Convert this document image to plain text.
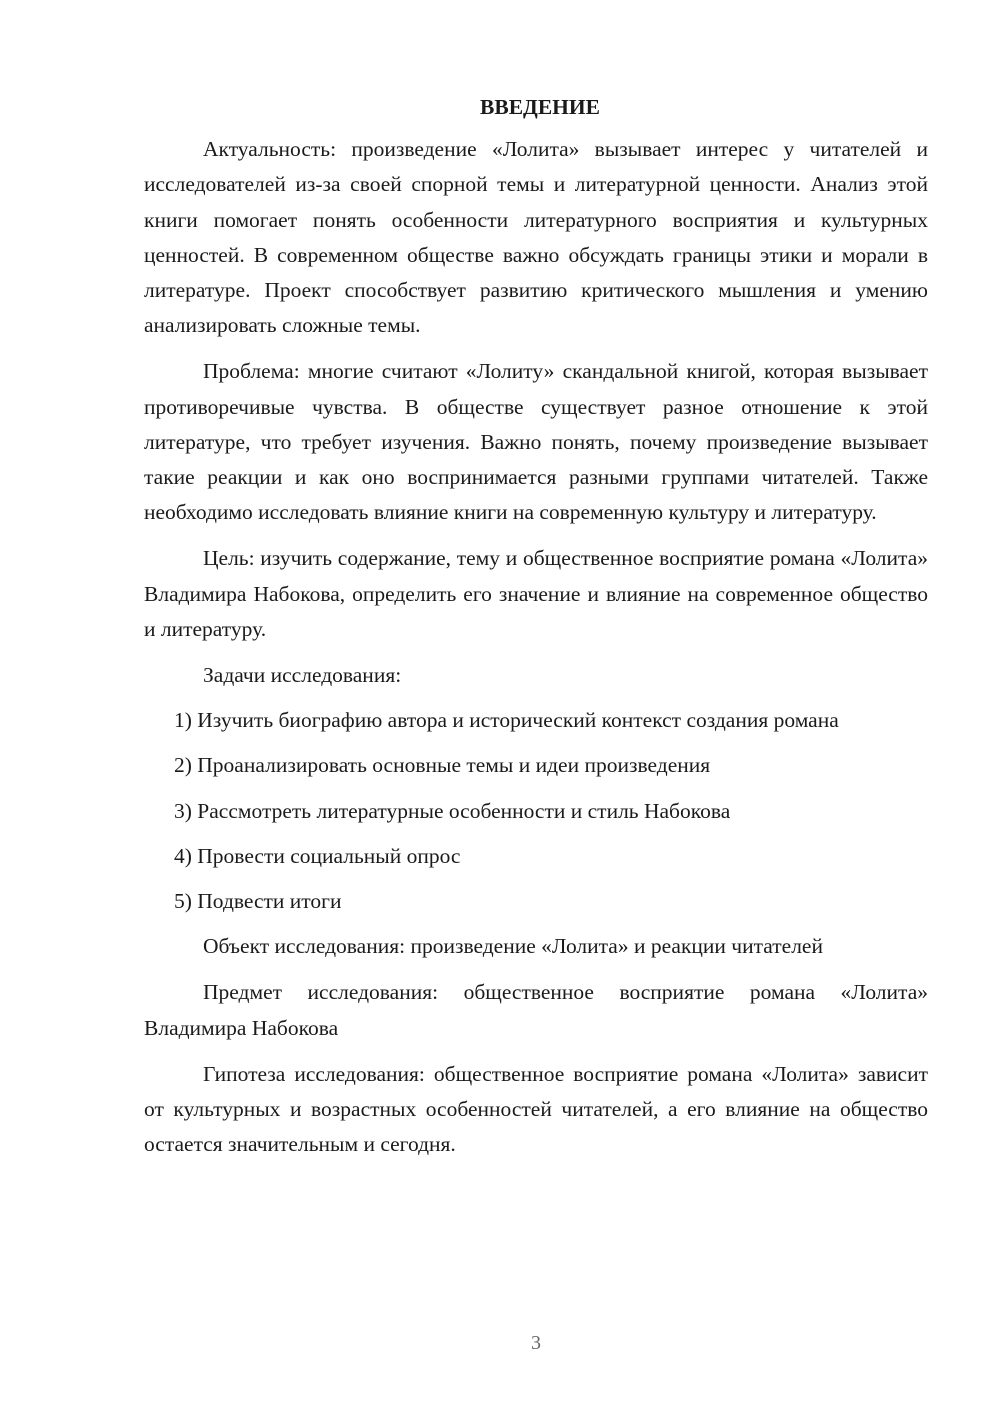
ВВЕДЕНИЕ

Актуальность: произведение «Лолита» вызывает интерес у читателей и исследователей из-за своей спорной темы и литературной ценности. Анализ этой книги помогает понять особенности литературного восприятия и культурных ценностей. В современном обществе важно обсуждать границы этики и морали в литературе. Проект способствует развитию критического мышления и умению анализировать сложные темы.

Проблема: многие считают «Лолиту» скандальной книгой, которая вызывает противоречивые чувства. В обществе существует разное отношение к этой литературе, что требует изучения. Важно понять, почему произведение вызывает такие реакции и как оно воспринимается разными группами читателей. Также необходимо исследовать влияние книги на современную культуру и литературу.

Цель: изучить содержание, тему и общественное восприятие романа «Лолита» Владимира Набокова, определить его значение и влияние на современное общество и литературу.

Задачи исследования:

1) Изучить биографию автора и исторический контекст создания романа

2) Проанализировать основные темы и идеи произведения

3) Рассмотреть литературные особенности и стиль Набокова

4) Провести социальный опрос

5) Подвести итоги

Объект исследования: произведение «Лолита» и реакции читателей

Предмет исследования: общественное восприятие романа «Лолита» Владимира Набокова

Гипотеза исследования: общественное восприятие романа «Лолита» зависит от культурных и возрастных особенностей читателей, а его влияние на общество остается значительным и сегодня.

3
